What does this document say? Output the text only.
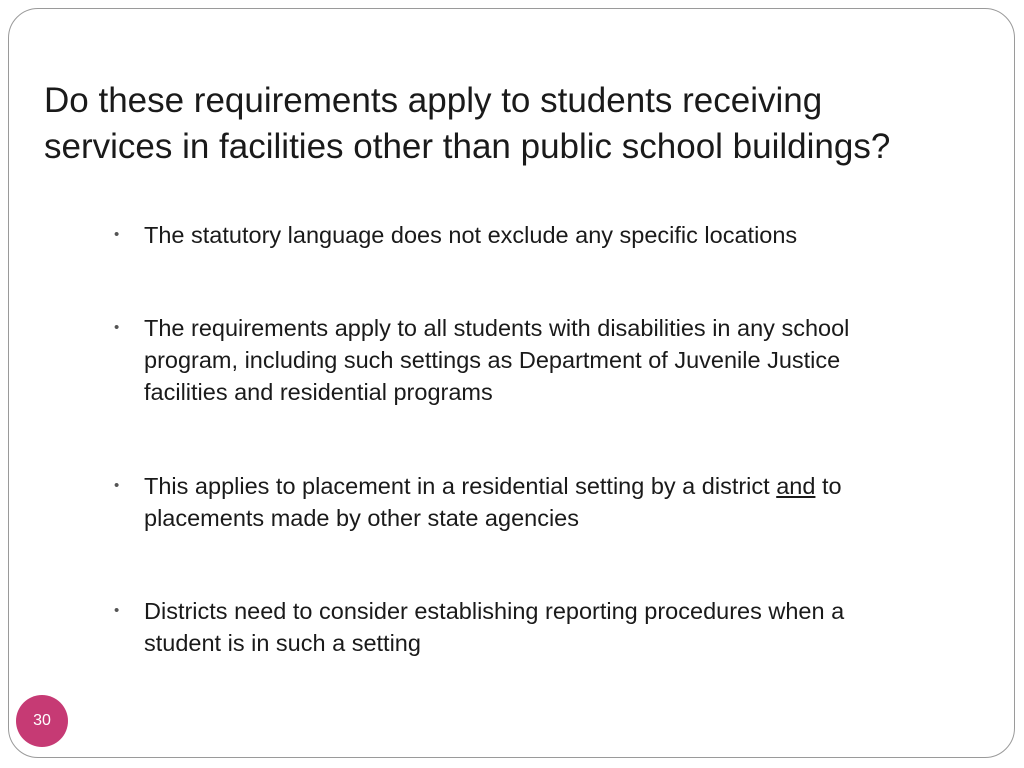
Do these requirements apply to students receiving
services in facilities other than public school buildings?
•	The statutory language does not exclude any specific locations
•	The requirements apply to all students with disabilities in any school program, including such settings as Department of Juvenile Justice facilities and residential programs
•	This applies to placement in a residential setting by a district and to placements made by other state agencies
•	Districts need to consider establishing reporting procedures when a student is in such a setting
30
